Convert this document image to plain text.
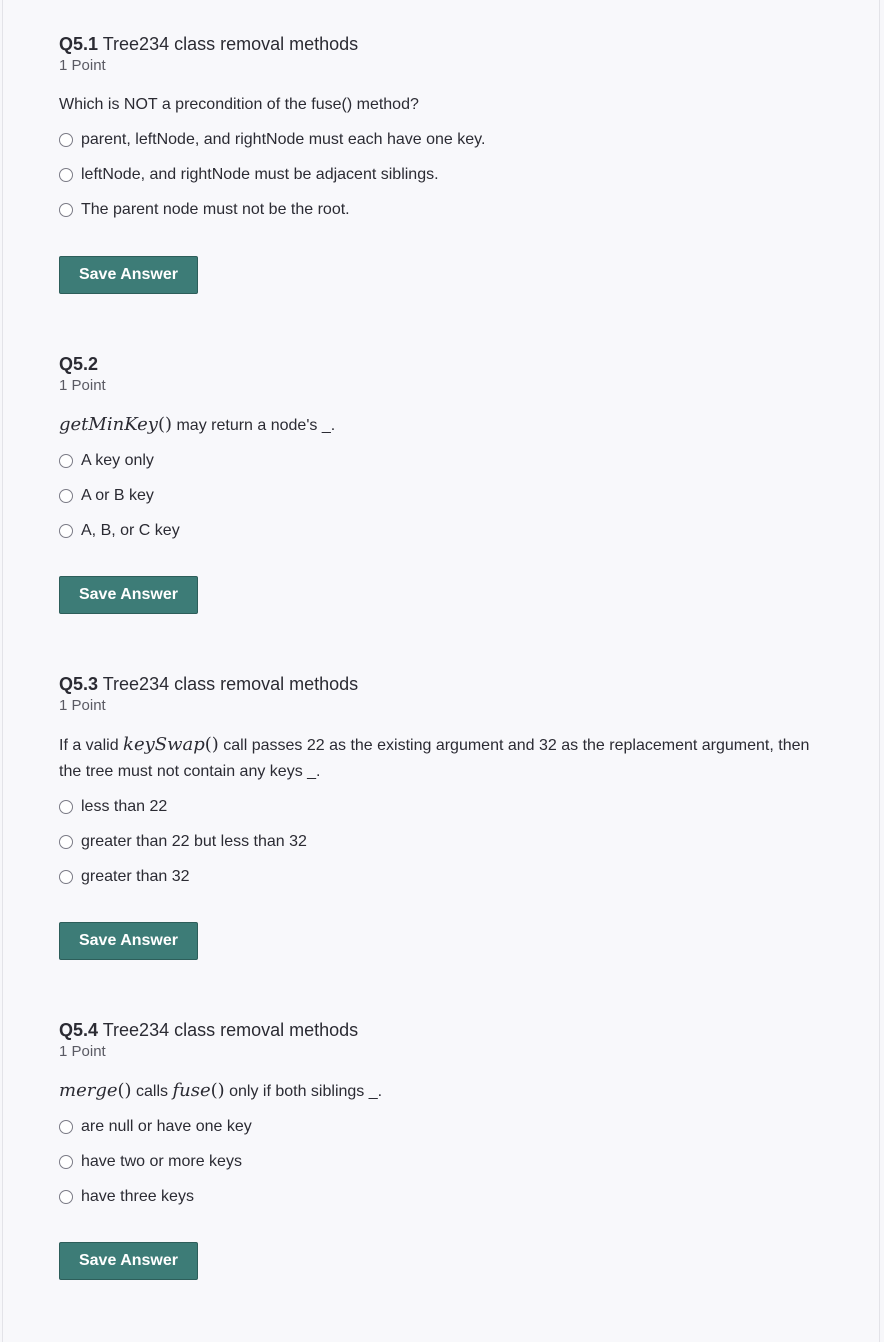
Q5.1 Tree234 class removal methods
1 Point
Which is NOT a precondition of the fuse() method?
parent, leftNode, and rightNode must each have one key.
leftNode, and rightNode must be adjacent siblings.
The parent node must not be the root.
Save Answer
Q5.2
1 Point
getMinKey() may return a node's _.
A key only
A or B key
A, B, or C key
Save Answer
Q5.3 Tree234 class removal methods
1 Point
If a valid keySwap() call passes 22 as the existing argument and 32 as the replacement argument, then the tree must not contain any keys _.
less than 22
greater than 22 but less than 32
greater than 32
Save Answer
Q5.4 Tree234 class removal methods
1 Point
merge() calls fuse() only if both siblings _.
are null or have one key
have two or more keys
have three keys
Save Answer
